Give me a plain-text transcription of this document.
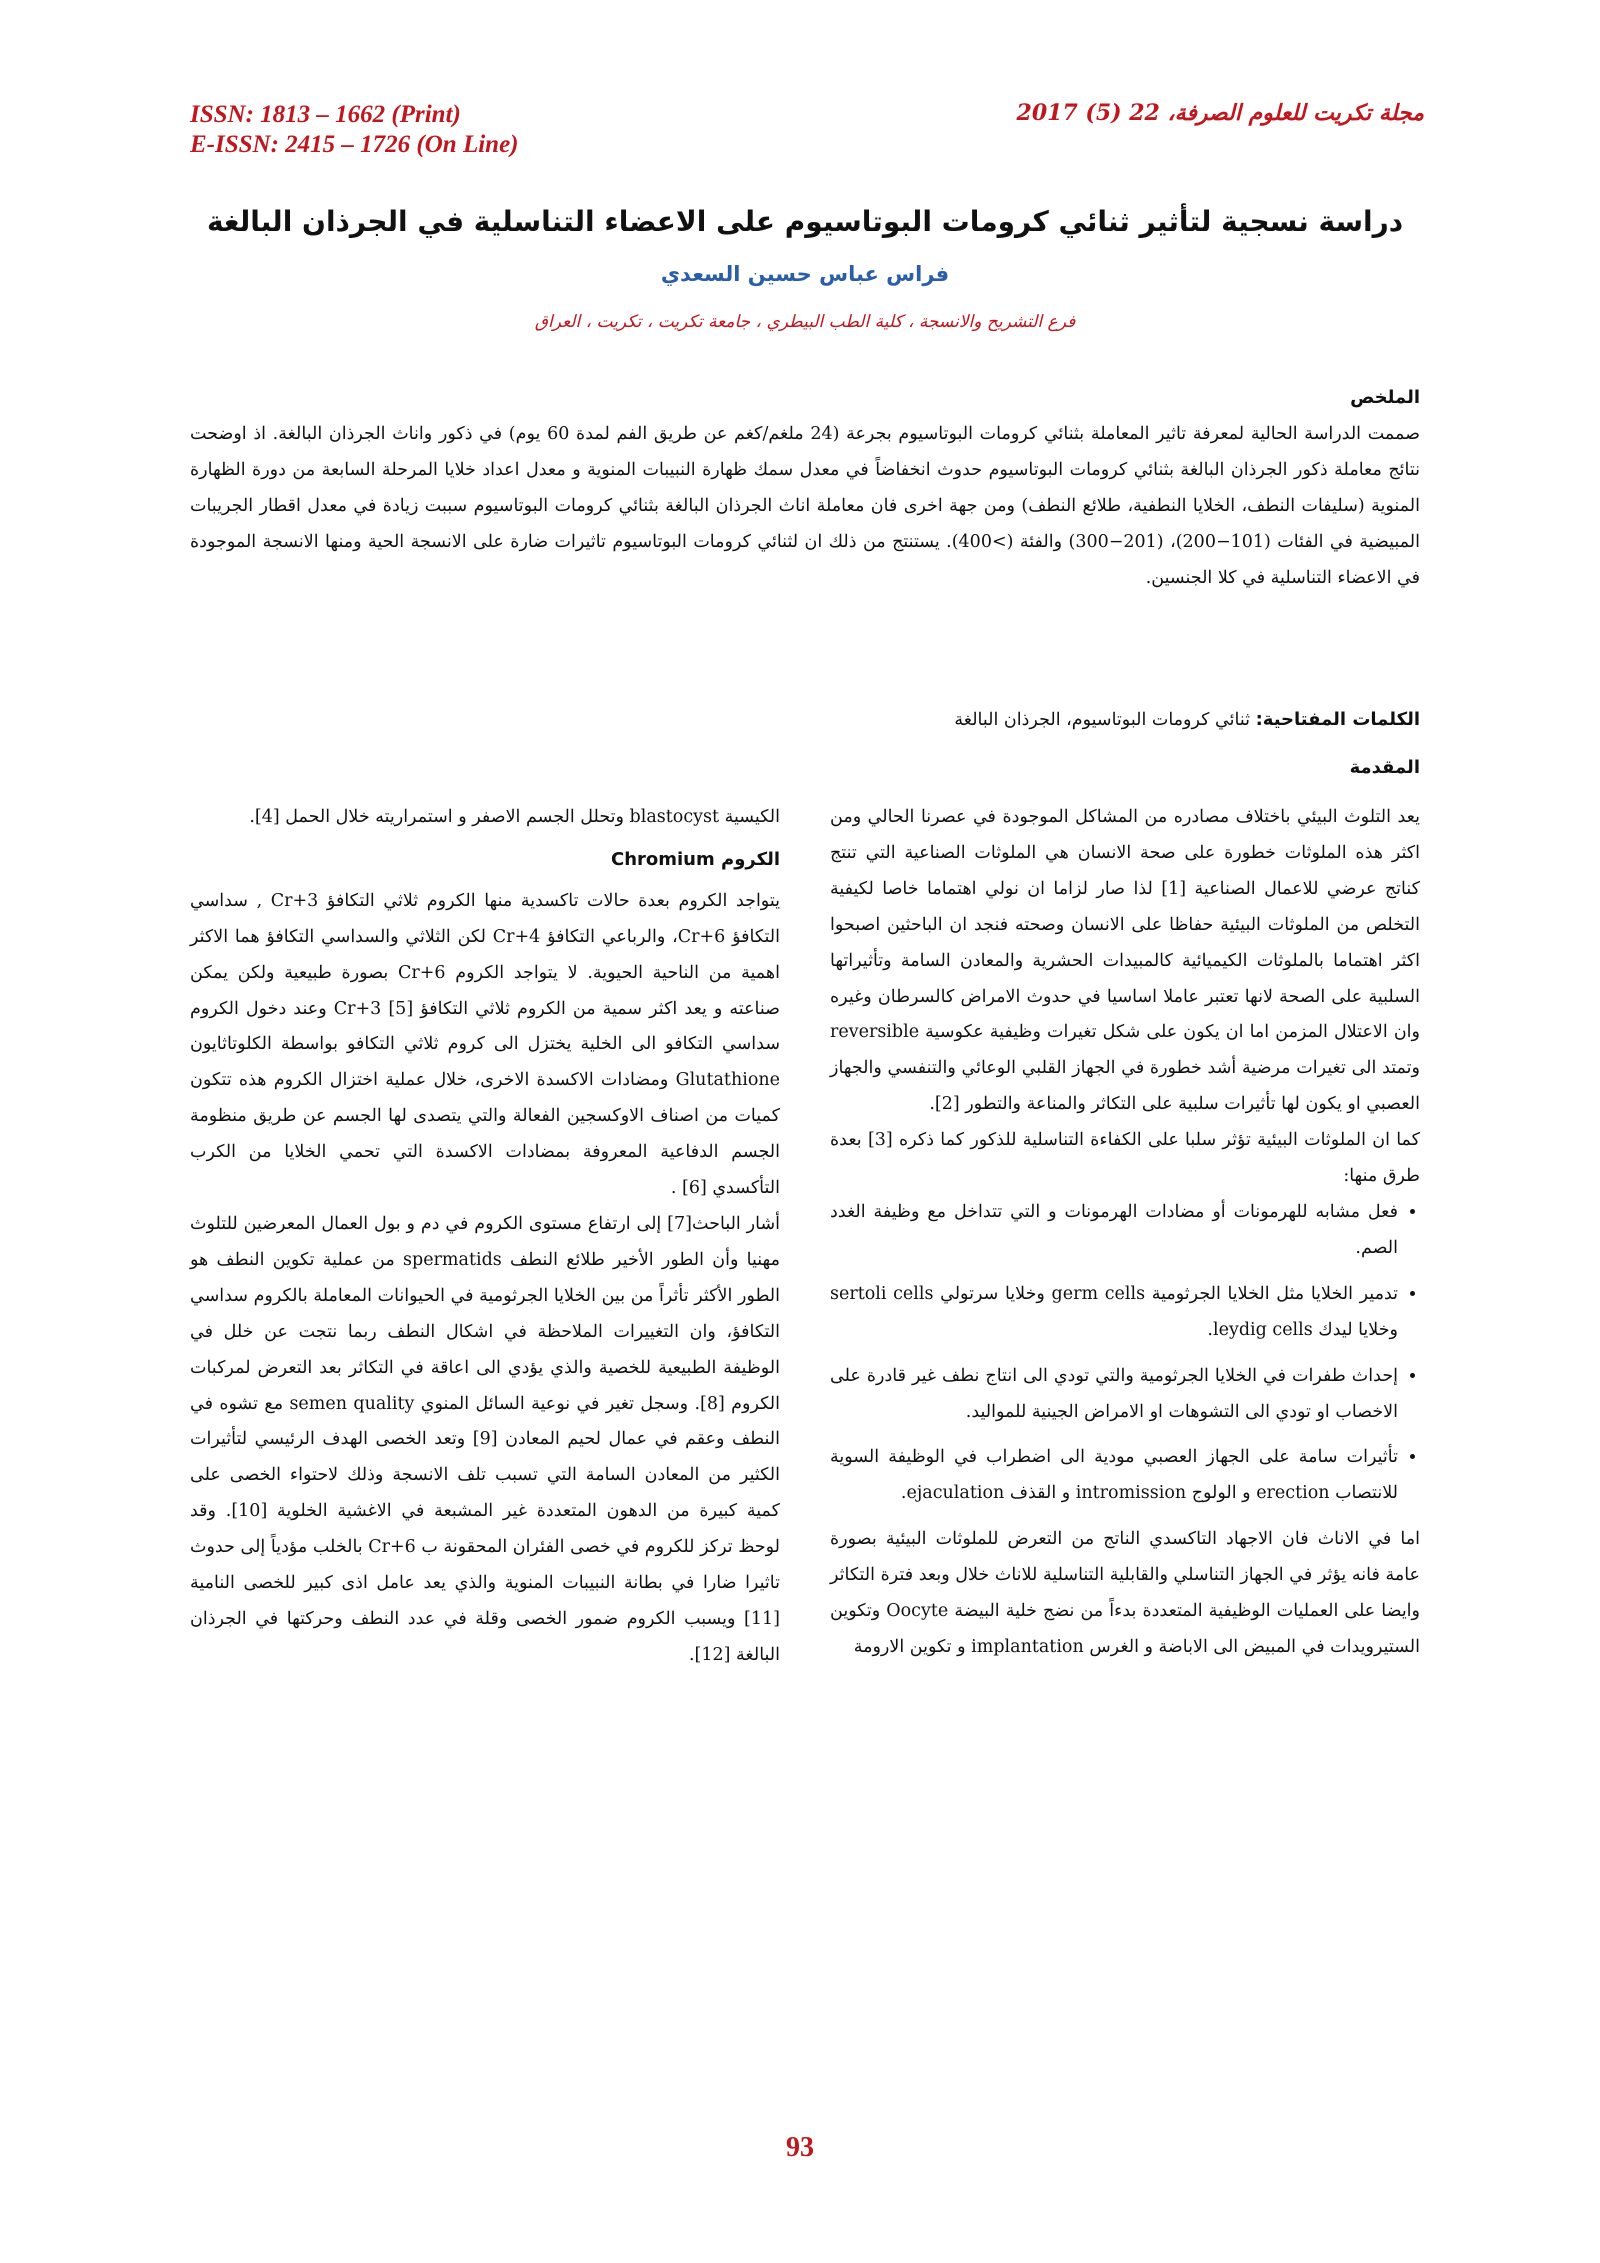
ISSN: 1813 – 1662 (Print)
E-ISSN: 2415 – 1726 (On Line)
مجلة تكريت للعلوم الصرفة، 22 (5) 2017
دراسة نسجية لتأثير ثنائي كرومات البوتاسيوم على الاعضاء التناسلية في الجرذان البالغة
فراس عباس حسين السعدي
فرع التشريح والانسجة ، كلية الطب البيطري ، جامعة تكريت ، تكريت ، العراق
الملخص
صممت الدراسة الحالية لمعرفة تاثير المعاملة بثنائي كرومات البوتاسيوم بجرعة (24 ملغم/كغم عن طريق الفم لمدة 60 يوم) في ذكور واناث الجرذان البالغة. اذ اوضحت نتائج معاملة ذكور الجرذان البالغة بثنائي كرومات البوتاسيوم حدوث انخفاضاً في معدل سمك ظهارة النبيبات المنوية و معدل اعداد خلايا المرحلة السابعة من دورة الظهارة المنوية (سليفات النطف، الخلايا النطفية، طلائع النطف) ومن جهة اخرى فان معاملة اناث الجرذان البالغة بثنائي كرومات البوتاسيوم سببت زيادة في معدل اقطار الجريبات المبيضية في الفئات (101−200)، (201−300) والفئة (>400). يستنتج من ذلك ان لثنائي كرومات البوتاسيوم تاثيرات ضارة على الانسجة الحية ومنها الانسجة الموجودة في الاعضاء التناسلية في كلا الجنسين.
الكلمات المفتاحية: ثنائي كرومات البوتاسيوم، الجرذان البالغة
المقدمة

يعد التلوث البيئي باختلاف مصادره من المشاكل الموجودة في عصرنا الحالي ومن اكثر هذه الملوثات خطورة على صحة الانسان هي الملوثات الصناعية التي تنتج كناتج عرضي للاعمال الصناعية [1] لذا صار لزاما ان نولي اهتماما خاصا لكيفية التخلص من الملوثات البيئية حفاظا على الانسان وصحته فنجد ان الباحثين اصبحوا اكثر اهتماما بالملوثات الكيميائية كالمبيدات الحشرية والمعادن السامة وتأثيراتها السلبية على الصحة لانها تعتبر عاملا اساسيا في حدوث الامراض كالسرطان وغيره وان الاعتلال المزمن اما ان يكون على شكل تغيرات وظيفية عكوسية reversible وتمتد الى تغيرات مرضية أشد خطورة في الجهاز القلبي الوعائي والتنفسي والجهاز العصبي او يكون لها تأثيرات سلبية على التكاثر والمناعة والتطور [2].

كما ان الملوثات البيئية تؤثر سلبا على الكفاءة التناسلية للذكور كما ذكره [3] بعدة طرق منها:

• فعل مشابه للهرمونات أو مضادات الهرمونات و التي تتداخل مع وظيفة الغدد الصم.
• تدمير الخلايا مثل الخلايا الجرثومية germ cells وخلايا سرتولي sertoli cells وخلايا ليدك leydig cells.
• إحداث طفرات في الخلايا الجرثومية والتي تودي الى انتاج نطف غير قادرة على الاخصاب او تودي الى التشوهات او الامراض الجينية للمواليد.
• تأثيرات سامة على الجهاز العصبي مودية الى اضطراب في الوظيفة السوية للانتصاب erection و الولوج intromission و القذف ejaculation.

اما في الاناث فان الاجهاد التاكسدي الناتج من التعرض للملوثات البيئية بصورة عامة فانه يؤثر في الجهاز التناسلي والقابلية التناسلية للاناث خلال وبعد فترة التكاثر وايضا على العمليات الوظيفية المتعددة بدءاً من نضج خلية البيضة Oocyte وتكوين الستيرويدات في المبيض الى الاباضة و الغرس implantation و تكوين الارومة

الكيسية blastocyst وتحلل الجسم الاصفر و استمراريته خلال الحمل [4].

الكروم Chromium

يتواجد الكروم بعدة حالات تاكسدية منها الكروم ثلاثي التكافؤ Cr+3 , سداسي التكافؤ Cr+6، والرباعي التكافؤ Cr+4 لكن الثلاثي والسداسي التكافؤ هما الاكثر اهمية من الناحية الحيوية. لا يتواجد الكروم Cr+6 بصورة طبيعية ولكن يمكن صناعته و يعد اكثر سمية من الكروم ثلاثي التكافؤ Cr+3 [5] وعند دخول الكروم سداسي التكافو الى الخلية يختزل الى كروم ثلاثي التكافو بواسطة الكلوتاثايون Glutathione ومضادات الاكسدة الاخرى، خلال عملية اختزال الكروم هذه تتكون كميات من اصناف الاوكسجين الفعالة والتي يتصدى لها الجسم عن طريق منظومة الجسم الدفاعية المعروفة بمضادات الاكسدة التي تحمي الخلايا من الكرب التأكسدي [6] .

أشار الباحث[7] إلى ارتفاع مستوى الكروم في دم و بول العمال المعرضين للتلوث مهنيا وأن الطور الأخير طلائع النطف spermatids من عملية تكوين النطف هو الطور الأكثر تأثراً من بين الخلايا الجرثومية في الحيوانات المعاملة بالكروم سداسي التكافؤ، وان التغييرات الملاحظة في اشكال النطف ربما نتجت عن خلل في الوظيفة الطبيعية للخصية والذي يؤدي الى اعاقة في التكاثر بعد التعرض لمركبات الكروم [8]. وسجل تغير في نوعية السائل المنوي semen quality مع تشوه في النطف وعقم في عمال لحيم المعادن [9] وتعد الخصى الهدف الرئيسي لتأثيرات الكثير من المعادن السامة التي تسبب تلف الانسجة وذلك لاحتواء الخصى على كمية كبيرة من الدهون المتعددة غير المشبعة في الاغشية الخلوية [10]. وقد لوحظ تركز للكروم في خصى الفئران المحقونة ب Cr+6 بالخلب مؤدياً إلى حدوث تاثيرا ضارا في بطانة النبيبات المنوية والذي يعد عامل اذى كبير للخصى النامية [11] ويسبب الكروم ضمور الخصى وقلة في عدد النطف وحركتها في الجرذان البالغة [12].

93
